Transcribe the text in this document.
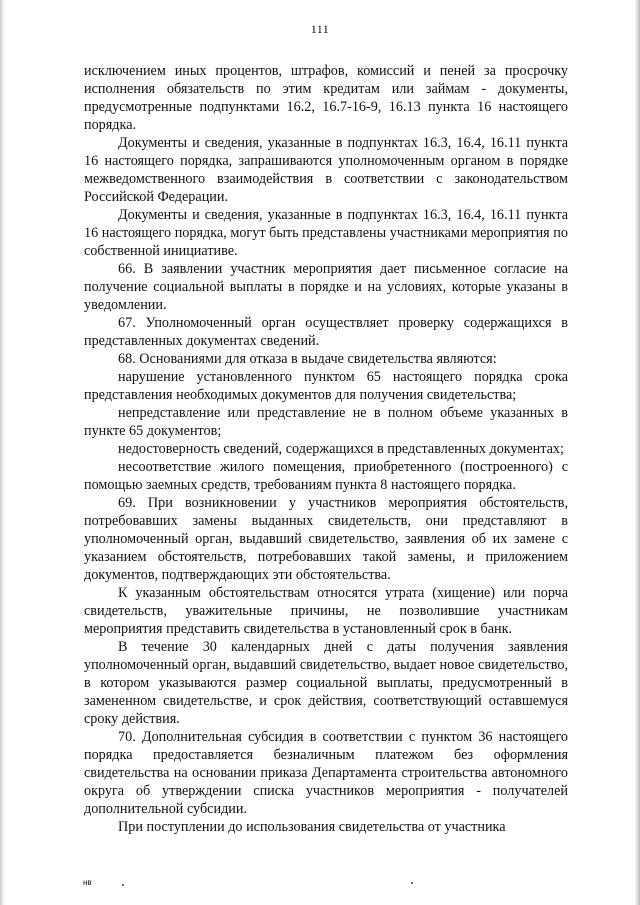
111

исключением иных процентов, штрафов, комиссий и пеней за просрочку исполнения обязательств по этим кредитам или займам - документы, предусмотренные подпунктами 16.2, 16.7-16-9, 16.13 пункта 16 настоящего порядка.

Документы и сведения, указанные в подпунктах 16.3, 16.4, 16.11 пункта 16 настоящего порядка, запрашиваются уполномоченным органом в порядке межведомственного взаимодействия в соответствии с законодательством Российской Федерации.

Документы и сведения, указанные в подпунктах 16.3, 16.4, 16.11 пункта 16 настоящего порядка, могут быть представлены участниками мероприятия по собственной инициативе.

66. В заявлении участник мероприятия дает письменное согласие на получение социальной выплаты в порядке и на условиях, которые указаны в уведомлении.

67. Уполномоченный орган осуществляет проверку содержащихся в представленных документах сведений.

68. Основаниями для отказа в выдаче свидетельства являются:

нарушение установленного пунктом 65 настоящего порядка срока представления необходимых документов для получения свидетельства;

непредставление или представление не в полном объеме указанных в пункте 65 документов;

недостоверность сведений, содержащихся в представленных документах;

несоответствие жилого помещения, приобретенного (построенного) с помощью заемных средств, требованиям пункта 8 настоящего порядка.

69. При возникновении у участников мероприятия обстоятельств, потребовавших замены выданных свидетельств, они представляют в уполномоченный орган, выдавший свидетельство, заявления об их замене с указанием обстоятельств, потребовавших такой замены, и приложением документов, подтверждающих эти обстоятельства.

К указанным обстоятельствам относятся утрата (хищение) или порча свидетельств, уважительные причины, не позволившие участникам мероприятия представить свидетельства в установленный срок в банк.

В течение 30 календарных дней с даты получения заявления уполномоченный орган, выдавший свидетельство, выдает новое свидетельство, в котором указываются размер социальной выплаты, предусмотренный в замененном свидетельстве, и срок действия, соответствующий оставшемуся сроку действия.

70. Дополнительная субсидия в соответствии с пунктом 36 настоящего порядка предоставляется безналичным платежом без оформления свидетельства на основании приказа Департамента строительства автономного округа об утверждении списка участников мероприятия - получателей дополнительной субсидии.

При поступлении до использования свидетельства от участника

нв
